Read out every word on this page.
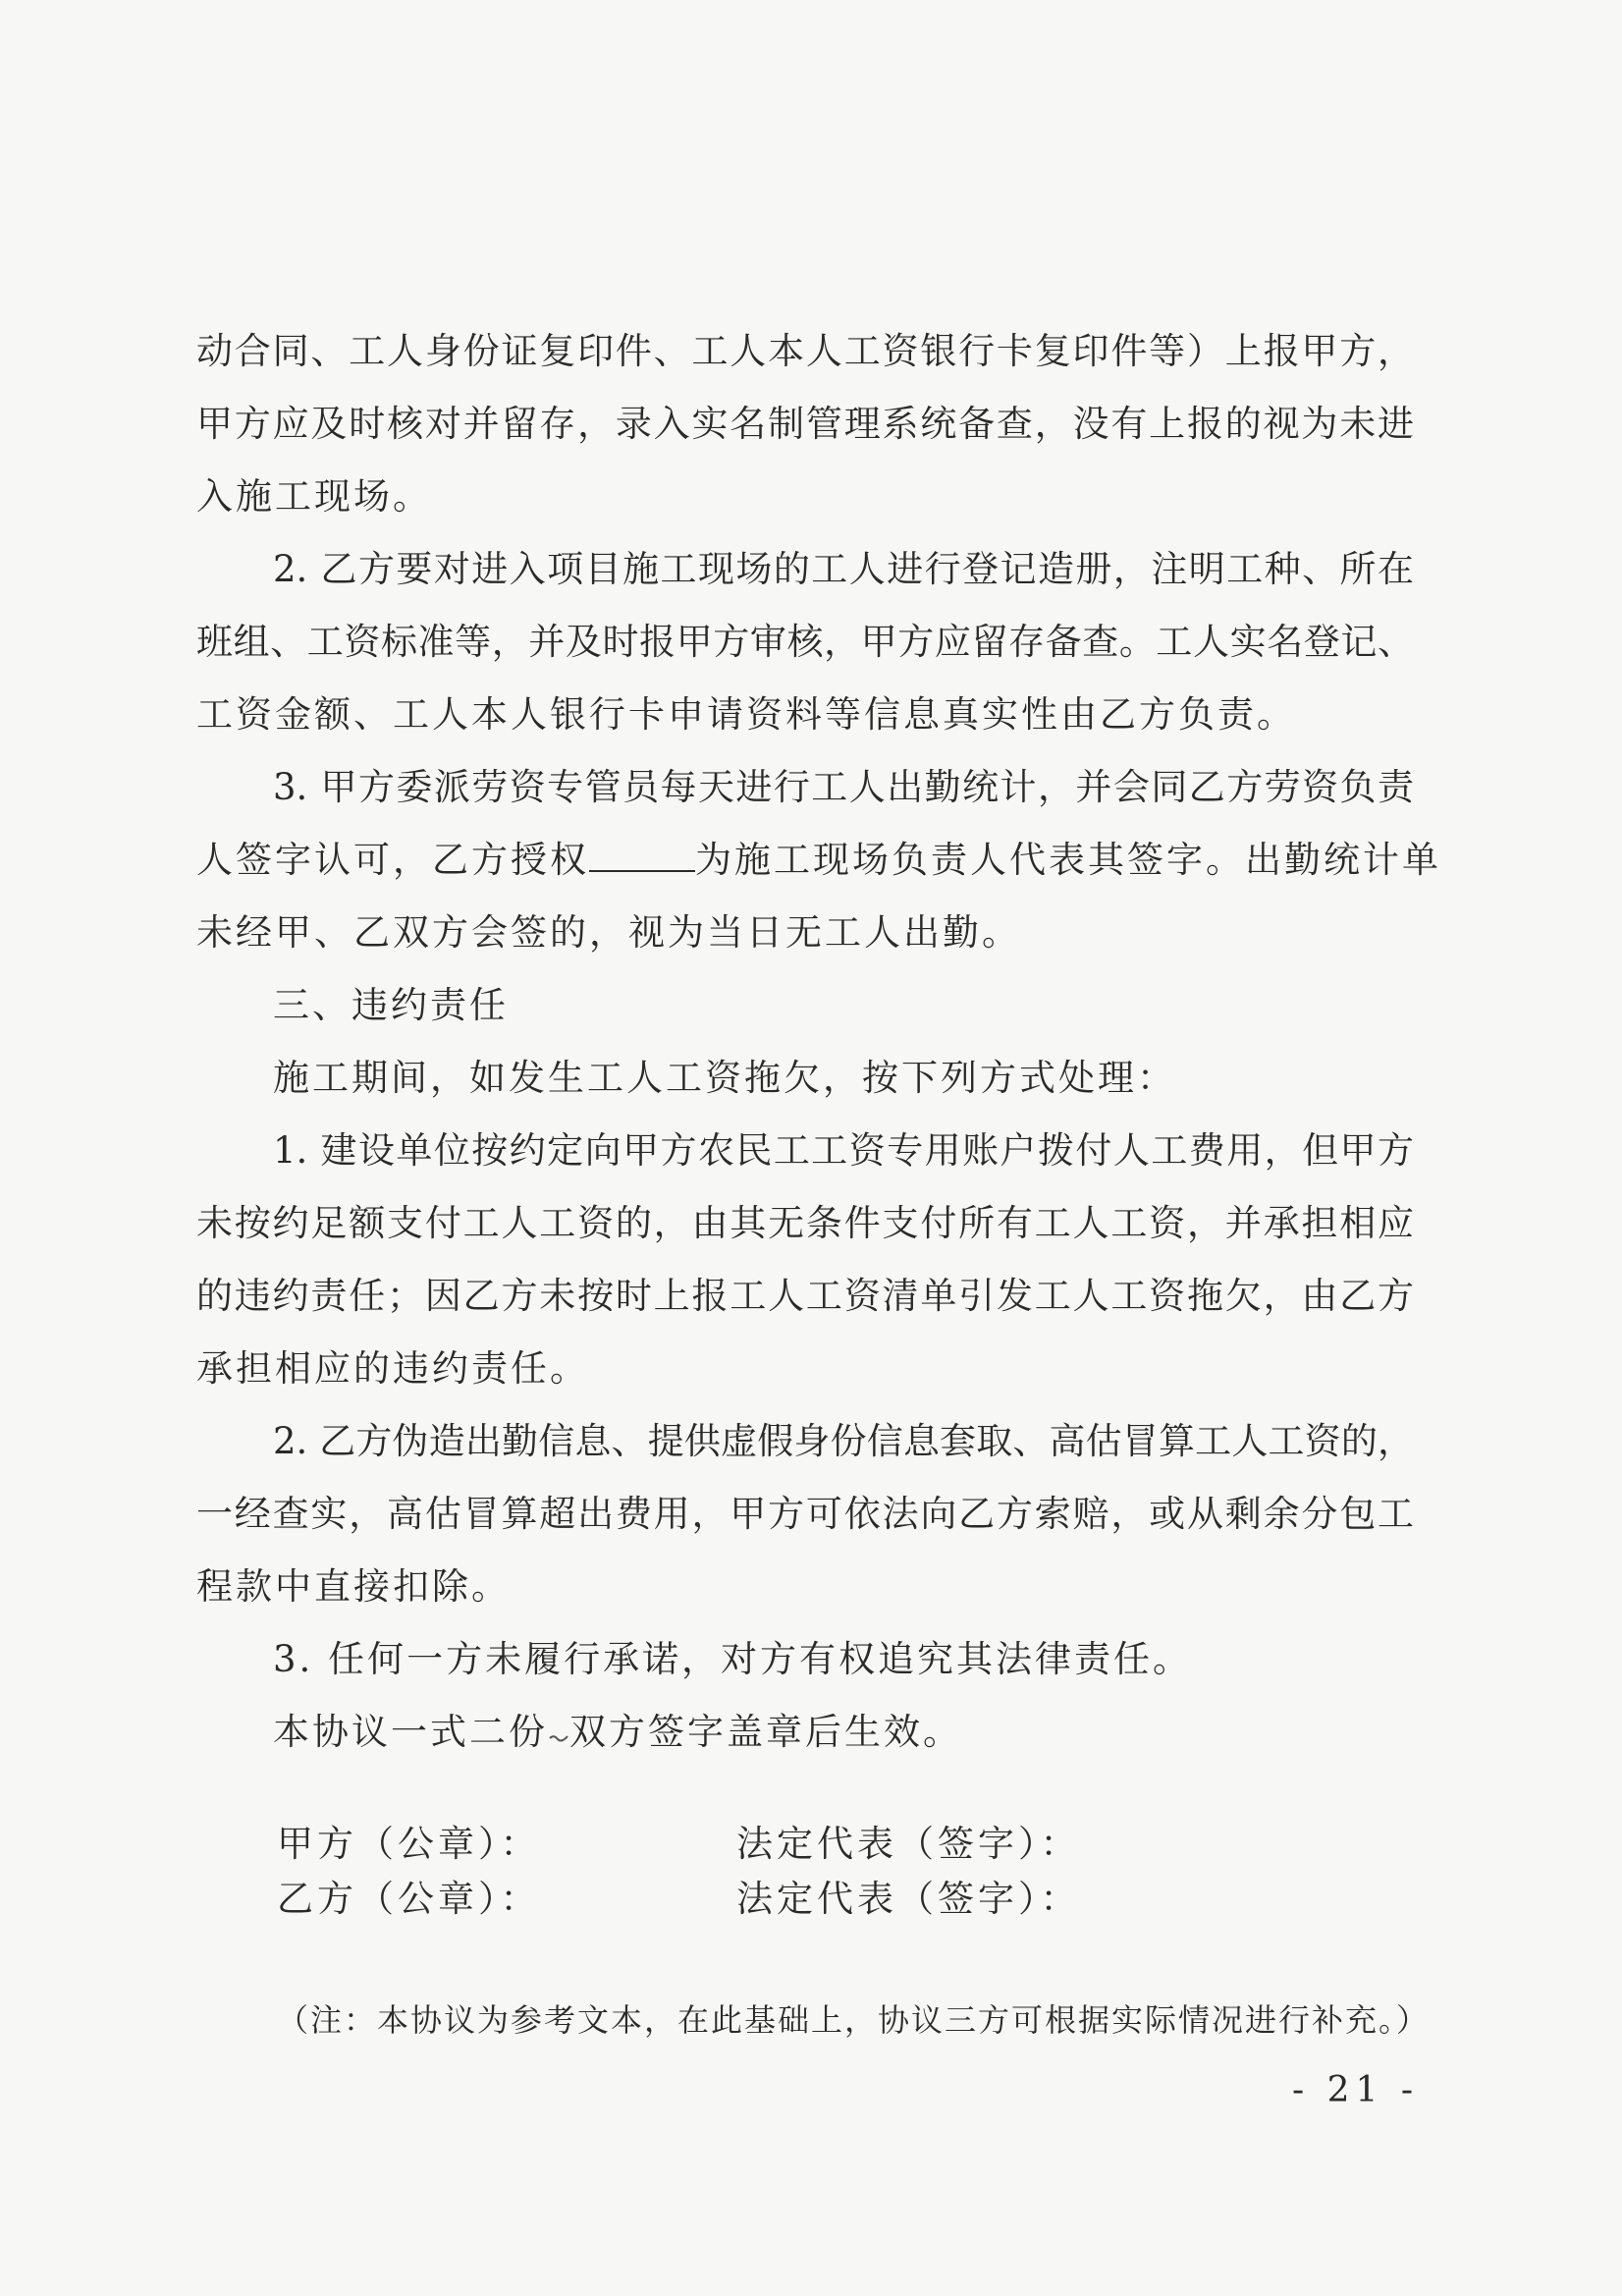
动合同、工人身份证复印件、工人本人工资银行卡复印件等）上报甲方，
甲方应及时核对并留存，录入实名制管理系统备查，没有上报的视为未进
入施工现场。
2. 乙方要对进入项目施工现场的工人进行登记造册，注明工种、所在
班组、工资标准等，并及时报甲方审核，甲方应留存备查。工人实名登记、
工资金额、工人本人银行卡申请资料等信息真实性由乙方负责。
3. 甲方委派劳资专管员每天进行工人出勤统计，并会同乙方劳资负责
人签字认可，乙方授权	为施工现场负责人代表其签字。出勤统计单
未经甲、乙双方会签的，视为当日无工人出勤。
三、违约责任
施工期间，如发生工人工资拖欠，按下列方式处理：
1. 建设单位按约定向甲方农民工工资专用账户拨付人工费用，但甲方
未按约足额支付工人工资的，由其无条件支付所有工人工资，并承担相应
的违约责任；因乙方未按时上报工人工资清单引发工人工资拖欠，由乙方
承担相应的违约责任。
2. 乙方伪造出勤信息、提供虚假身份信息套取、高估冒算工人工资的，
一经查实，高估冒算超出费用，甲方可依法向乙方索赔，或从剩余分包工
程款中直接扣除。
3. 任何一方未履行承诺，对方有权追究其法律责任。
本协议一式二份 双方签字盖章后生效。
甲方（公章）：	法定代表（签字）：
乙方（公章）：	法定代表（签字）：
（注：本协议为参考文本，在此基础上，协议三方可根据实际情况进行补充。）
- 21 -
